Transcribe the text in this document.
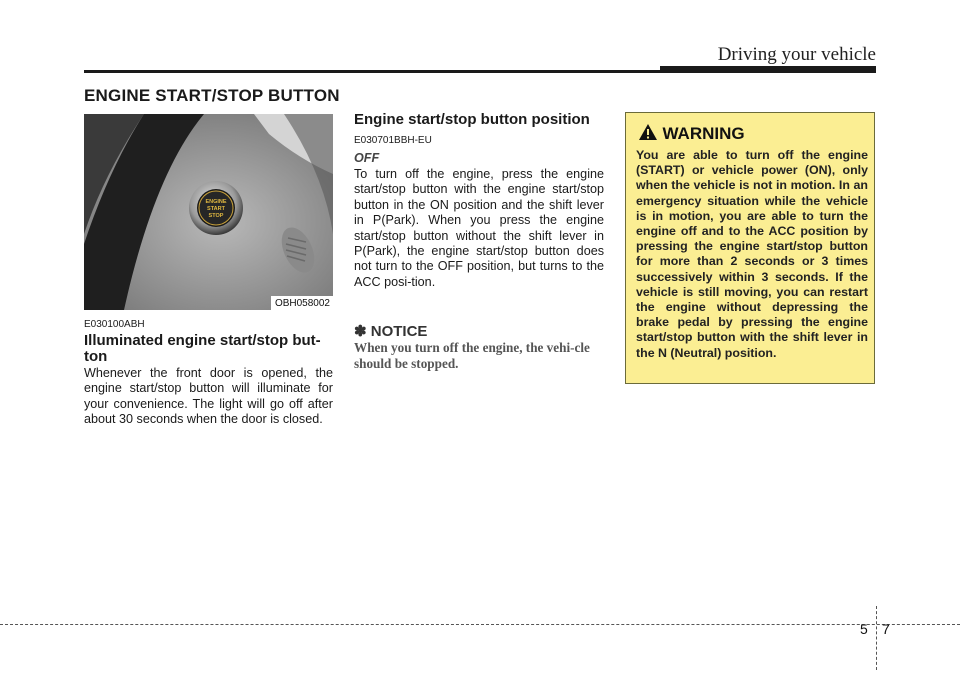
Driving your vehicle
ENGINE START/STOP BUTTON
ENGINE
START
STOP
OBH058002
E030100ABH
Illuminated engine start/stop but-
ton
Whenever the front door is opened, the engine start/stop button will illuminate for your convenience. The light will go off after about 30 seconds when the door is closed.
Engine start/stop button position
E030701BBH-EU
OFF
To turn off the engine, press the engine start/stop button with the engine start/stop button in the ON position and the shift lever in P(Park). When you press the engine start/stop button without the shift lever in P(Park), the engine start/stop button does not turn to the OFF position, but turns to the ACC posi-tion.
✽ NOTICE
When you turn off the engine, the vehi-cle should be stopped.
WARNING
You are able to turn off the engine (START) or vehicle power (ON), only when the vehicle is not in motion. In an emergency situation while the vehicle is in motion, you are able to turn the engine off and to the ACC position by pressing the engine start/stop button for more than 2 seconds or 3 times successively within 3 seconds. If the vehicle is still moving, you can restart the engine without depressing the brake pedal by pressing the engine start/stop button with the shift lever in the N (Neutral) position.
5 7
